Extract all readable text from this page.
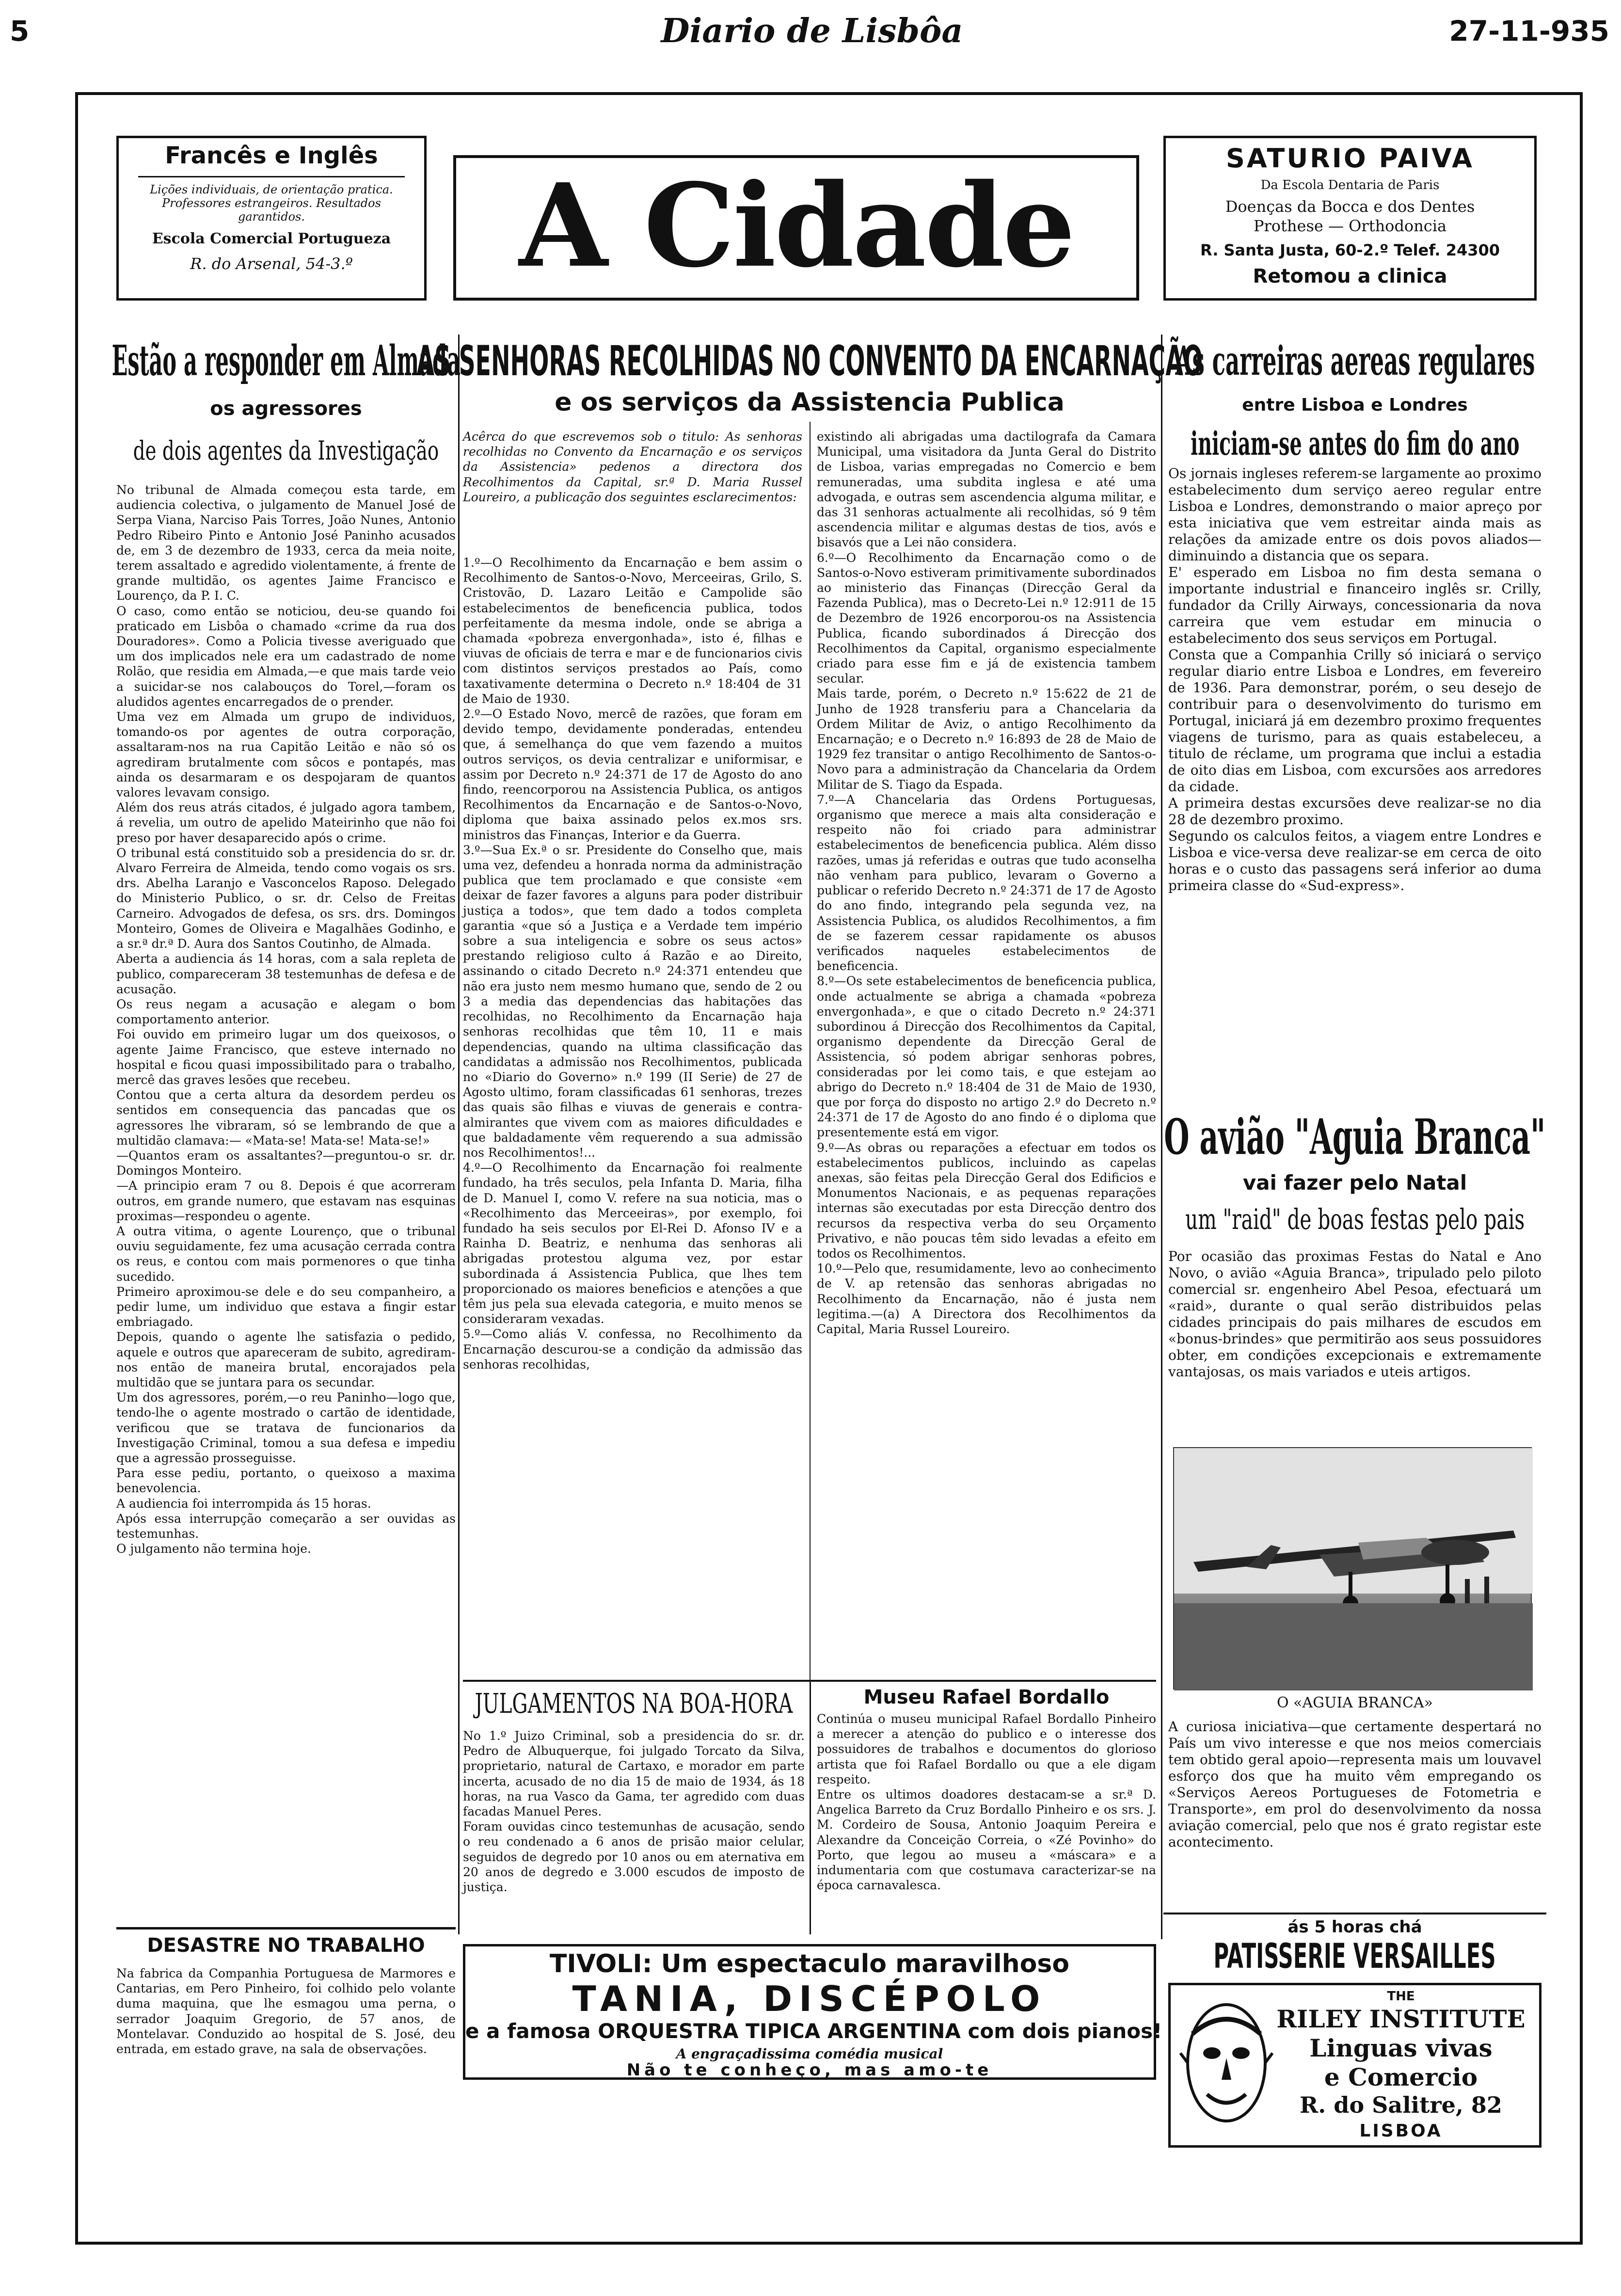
5	Diario de Lisbôa	27-11-935
Francês e Inglês
Lições individuais, de orientação pratica. Professores estrangeiros. Resultados garantidos.
Escola Comercial Portugueza
R. do Arsenal, 54-3.º	A Cidade	SATURIO PAIVA
Da Escola Dentaria de Paris
Doenças da Bocca e dos Dentes
Prothese — Orthodoncia
R. Santa Justa, 60-2.º Telef. 24300
Retomou a clinica
Estão a responder em Almada
os agressores
de dois agentes da Investigação
No tribunal de Almada começou esta tarde, em audiencia colectiva, o julgamento de Manuel José de Serpa Viana, Narciso Pais Torres, João Nunes, Antonio Pedro Ribeiro Pinto e Antonio José Paninho acusados de, em 3 de dezembro de 1933, cerca da meia noite, terem assaltado e agredido violentamente, á frente de grande multidão, os agentes Jaime Francisco e Lourenço, da P. I. C.
O caso, como então se noticiou, deu-se quando foi praticado em Lisbôa o chamado «crime da rua dos Douradores». Como a Policia tivesse averiguado que um dos implicados nele era um cadastrado de nome Rolão, que residia em Almada,—e que mais tarde veio a suicidar-se nos calabouços do Torel,—foram os aludidos agentes encarregados de o prender.
Uma vez em Almada um grupo de individuos, tomando-os por agentes de outra corporação, assaltaram-nos na rua Capitão Leitão e não só os agrediram brutalmente com sôcos e pontapés, mas ainda os desarmaram e os despojaram de quantos valores levavam consigo.
Além dos reus atrás citados, é julgado agora tambem, á revelia, um outro de apelido Mateirinho que não foi preso por haver desaparecido após o crime.
O tribunal está constituido sob a presidencia do sr. dr. Alvaro Ferreira de Almeida, tendo como vogais os srs. drs. Abelha Laranjo e Vasconcelos Raposo. Delegado do Ministerio Publico, o sr. dr. Celso de Freitas Carneiro. Advogados de defesa, os srs. drs. Domingos Monteiro, Gomes de Oliveira e Magalhães Godinho, e a sr.ª dr.ª D. Aura dos Santos Coutinho, de Almada.
Aberta a audiencia ás 14 horas, com a sala repleta de publico, compareceram 38 testemunhas de defesa e de acusação.
Os reus negam a acusação e alegam o bom comportamento anterior.
Foi ouvido em primeiro lugar um dos queixosos, o agente Jaime Francisco, que esteve internado no hospital e ficou quasi impossibilitado para o trabalho, mercê das graves lesões que recebeu.
Contou que a certa altura da desordem perdeu os sentidos em consequencia das pancadas que os agressores lhe vibraram, só se lembrando de que a multidão clamava:— «Mata-se! Mata-se! Mata-se!»
—Quantos eram os assaltantes?—preguntou-o sr. dr. Domingos Monteiro.
—A principio eram 7 ou 8. Depois é que acorreram outros, em grande numero, que estavam nas esquinas proximas—respondeu o agente.
A outra vitima, o agente Lourenço, que o tribunal ouviu seguidamente, fez uma acusação cerrada contra os reus, e contou com mais pormenores o que tinha sucedido.
Primeiro aproximou-se dele e do seu companheiro, a pedir lume, um individuo que estava a fingir estar embriagado.
Depois, quando o agente lhe satisfazia o pedido, aquele e outros que apareceram de subito, agrediram-nos então de maneira brutal, encorajados pela multidão que se juntara para os secundar.
Um dos agressores, porém,—o reu Paninho—logo que, tendo-lhe o agente mostrado o cartão de identidade, verificou que se tratava de funcionarios da Investigação Criminal, tomou a sua defesa e impediu que a agressão prosseguisse.
Para esse pediu, portanto, o queixoso a maxima benevolencia.
A audiencia foi interrompida ás 15 horas.
Após essa interrupção começarão a ser ouvidas as testemunhas.
O julgamento não termina hoje.
DESASTRE NO TRABALHO
Na fabrica da Companhia Portuguesa de Marmores e Cantarias, em Pero Pinheiro, foi colhido pelo volante duma maquina, que lhe esmagou uma perna, o serrador Joaquim Gregorio, de 57 anos, de Montelavar. Conduzido ao hospital de S. José, deu entrada, em estado grave, na sala de observações.
AS SENHORAS RECOLHIDAS NO CONVENTO DA ENCARNAÇÃO
e os serviços da Assistencia Publica
Acêrca do que escrevemos sob o titulo: As senhoras recolhidas no Convento da Encarnação e os serviços da Assistencia» pedenos a directora dos Recolhimentos da Capital, sr.ª D. Maria Russel Loureiro, a publicação dos seguintes esclarecimentos:
1.º—O Recolhimento da Encarnação e bem assim o Recolhimento de Santos-o-Novo, Merceeiras, Grilo, S. Cristovão, D. Lazaro Leitão e Campolide são estabelecimentos de beneficencia publica, todos perfeitamente da mesma indole, onde se abriga a chamada «pobreza envergonhada», isto é, filhas e viuvas de oficiais de terra e mar e de funcionarios civis com distintos serviços prestados ao País, como taxativamente determina o Decreto n.º 18:404 de 31 de Maio de 1930.
2.º—O Estado Novo, mercê de razões, que foram em devido tempo, devidamente ponderadas, entendeu que, á semelhança do que vem fazendo a muitos outros serviços, os devia centralizar e uniformisar, e assim por Decreto n.º 24:371 de 17 de Agosto do ano findo, reencorporou na Assistencia Publica, os antigos Recolhimentos da Encarnação e de Santos-o-Novo, diploma que baixa assinado pelos ex.mos srs. ministros das Finanças, Interior e da Guerra.
3.º—Sua Ex.ª o sr. Presidente do Conselho que, mais uma vez, defendeu a honrada norma da administração publica que tem proclamado e que consiste «em deixar de fazer favores a alguns para poder distribuir justiça a todos», que tem dado a todos completa garantia «que só a Justiça e a Verdade tem império sobre a sua inteligencia e sobre os seus actos» prestando religioso culto á Razão e ao Direito, assinando o citado Decreto n.º 24:371 entendeu que não era justo nem mesmo humano que, sendo de 2 ou 3 a media das dependencias das habitações das recolhidas, no Recolhimento da Encarnação haja senhoras recolhidas que têm 10, 11 e mais dependencias, quando na ultima classificação das candidatas a admissão nos Recolhimentos, publicada no «Diario do Governo» n.º 199 (II Serie) de 27 de Agosto ultimo, foram classificadas 61 senhoras, trezes das quais são filhas e viuvas de generais e contra-almirantes que vivem com as maiores dificuldades e que baldadamente vêm requerendo a sua admissão nos Recolhimentos!...
4.º—O Recolhimento da Encarnação foi realmente fundado, ha três seculos, pela Infanta D. Maria, filha de D. Manuel I, como V. refere na sua noticia, mas o «Recolhimento das Merceeiras», por exemplo, foi fundado ha seis seculos por El-Rei D. Afonso IV e a Rainha D. Beatriz, e nenhuma das senhoras ali abrigadas protestou alguma vez, por estar subordinada á Assistencia Publica, que lhes tem proporcionado os maiores beneficios e atenções a que têm jus pela sua elevada categoria, e muito menos se consideraram vexadas.
5.º—Como aliás V. confessa, no Recolhimento da Encarnação descurou-se a condição da admissão das senhoras recolhidas,
existindo ali abrigadas uma dactilografa da Camara Municipal, uma visitadora da Junta Geral do Distrito de Lisboa, varias empregadas no Comercio e bem remuneradas, uma subdita inglesa e até uma advogada, e outras sem ascendencia alguma militar, e das 31 senhoras actualmente ali recolhidas, só 9 têm ascendencia militar e algumas destas de tios, avós e bisavós que a Lei não considera.
6.º—O Recolhimento da Encarnação como o de Santos-o-Novo estiveram primitivamente subordinados ao ministerio das Finanças (Direcção Geral da Fazenda Publica), mas o Decreto-Lei n.º 12:911 de 15 de Dezembro de 1926 encorporou-os na Assistencia Publica, ficando subordinados á Direcção dos Recolhimentos da Capital, organismo especialmente criado para esse fim e já de existencia tambem secular.
Mais tarde, porém, o Decreto n.º 15:622 de 21 de Junho de 1928 transferiu para a Chancelaria da Ordem Militar de Aviz, o antigo Recolhimento da Encarnação; e o Decreto n.º 16:893 de 28 de Maio de 1929 fez transitar o antigo Recolhimento de Santos-o-Novo para a administração da Chancelaria da Ordem Militar de S. Tiago da Espada.
7.º—A Chancelaria das Ordens Portuguesas, organismo que merece a mais alta consideração e respeito não foi criado para administrar estabelecimentos de beneficencia publica. Além disso razões, umas já referidas e outras que tudo aconselha não venham para publico, levaram o Governo a publicar o referido Decreto n.º 24:371 de 17 de Agosto do ano findo, integrando pela segunda vez, na Assistencia Publica, os aludidos Recolhimentos, a fim de se fazerem cessar rapidamente os abusos verificados naqueles estabelecimentos de beneficencia.
8.º—Os sete estabelecimentos de beneficencia publica, onde actualmente se abriga a chamada «pobreza envergonhada», e que o citado Decreto n.º 24:371 subordinou á Direcção dos Recolhimentos da Capital, organismo dependente da Direcção Geral de Assistencia, só podem abrigar senhoras pobres, consideradas por lei como tais, e que estejam ao abrigo do Decreto n.º 18:404 de 31 de Maio de 1930, que por força do disposto no artigo 2.º do Decreto n.º 24:371 de 17 de Agosto do ano findo é o diploma que presentemente está em vigor.
9.º—As obras ou reparações a efectuar em todos os estabelecimentos publicos, incluindo as capelas anexas, são feitas pela Direcção Geral dos Edificios e Monumentos Nacionais, e as pequenas reparações internas são executadas por esta Direcção dentro dos recursos da respectiva verba do seu Orçamento Privativo, e não poucas têm sido levadas a efeito em todos os Recolhimentos.
10.º—Pelo que, resumidamente, levo ao conhecimento de V. ap retensão das senhoras abrigadas no Recolhimento da Encarnação, não é justa nem legitima.—(a) A Directora dos Recolhimentos da Capital, Maria Russel Loureiro.
JULGAMENTOS NA BOA-HORA
No 1.º Juizo Criminal, sob a presidencia do sr. dr. Pedro de Albuquerque, foi julgado Torcato da Silva, proprietario, natural de Cartaxo, e morador em parte incerta, acusado de no dia 15 de maio de 1934, ás 18 horas, na rua Vasco da Gama, ter agredido com duas facadas Manuel Peres.
Foram ouvidas cinco testemunhas de acusação, sendo o reu condenado a 6 anos de prisão maior celular, seguidos de degredo por 10 anos ou em aternativa em 20 anos de degredo e 3.000 escudos de imposto de justiça.
Museu Rafael Bordallo
Continúa o museu municipal Rafael Bordallo Pinheiro a merecer a atenção do publico e o interesse dos possuidores de trabalhos e documentos do glorioso artista que foi Rafael Bordallo ou que a ele digam respeito.
Entre os ultimos doadores destacam-se a sr.ª D. Angelica Barreto da Cruz Bordallo Pinheiro e os srs. J. M. Cordeiro de Sousa, Antonio Joaquim Pereira e Alexandre da Conceição Correia, o «Zé Povinho» do Porto, que legou ao museu a «máscara» e a indumentaria com que costumava caracterizar-se na época carnavalesca.
TIVOLI: Um espectaculo maravilhoso
TANIA, DISCÉPOLO
e a famosa ORQUESTRA TIPICA ARGENTINA com dois pianos!
A engraçadissima comédia musical
Não te conheço, mas amo-te
As carreiras aereas regulares
entre Lisboa e Londres
iniciam-se antes do fim do ano
Os jornais ingleses referem-se largamente ao proximo estabelecimento dum serviço aereo regular entre Lisboa e Londres, demonstrando o maior apreço por esta iniciativa que vem estreitar ainda mais as relações da amizade entre os dois povos aliados—diminuindo a distancia que os separa.
E' esperado em Lisboa no fim desta semana o importante industrial e financeiro inglês sr. Crilly, fundador da Crilly Airways, concessionaria da nova carreira que vem estudar em minucia o estabelecimento dos seus serviços em Portugal.
Consta que a Companhia Crilly só iniciará o serviço regular diario entre Lisboa e Londres, em fevereiro de 1936. Para demonstrar, porém, o seu desejo de contribuir para o desenvolvimento do turismo em Portugal, iniciará já em dezembro proximo frequentes viagens de turismo, para as quais estabeleceu, a titulo de réclame, um programa que inclui a estadia de oito dias em Lisboa, com excursões aos arredores da cidade.
A primeira destas excursões deve realizar-se no dia 28 de dezembro proximo.
Segundo os calculos feitos, a viagem entre Londres e Lisboa e vice-versa deve realizar-se em cerca de oito horas e o custo das passagens será inferior ao duma primeira classe do «Sud-express».
O avião "Aguia Branca"
vai fazer pelo Natal
um "raid" de boas festas pelo pais
Por ocasião das proximas Festas do Natal e Ano Novo, o avião «Aguia Branca», tripulado pelo piloto comercial sr. engenheiro Abel Pesoa, efectuará um «raid», durante o qual serão distribuidos pelas cidades principais do pais milhares de escudos em «bonus-brindes» que permitirão aos seus possuidores obter, em condições excepcionais e extremamente vantajosas, os mais variados e uteis artigos.
O «AGUIA BRANCA»
A curiosa iniciativa—que certamente despertará no País um vivo interesse e que nos meios comerciais tem obtido geral apoio—representa mais um louvavel esforço dos que ha muito vêm empregando os «Serviços Aereos Portugueses de Fotometria e Transporte», em prol do desenvolvimento da nossa aviação comercial, pelo que nos é grato registar este acontecimento.
ás 5 horas chá
PATISSERIE VERSAILLES
THE
RILEY INSTITUTE
Linguas vivas
e Comercio
R. do Salitre, 82
LISBOA
